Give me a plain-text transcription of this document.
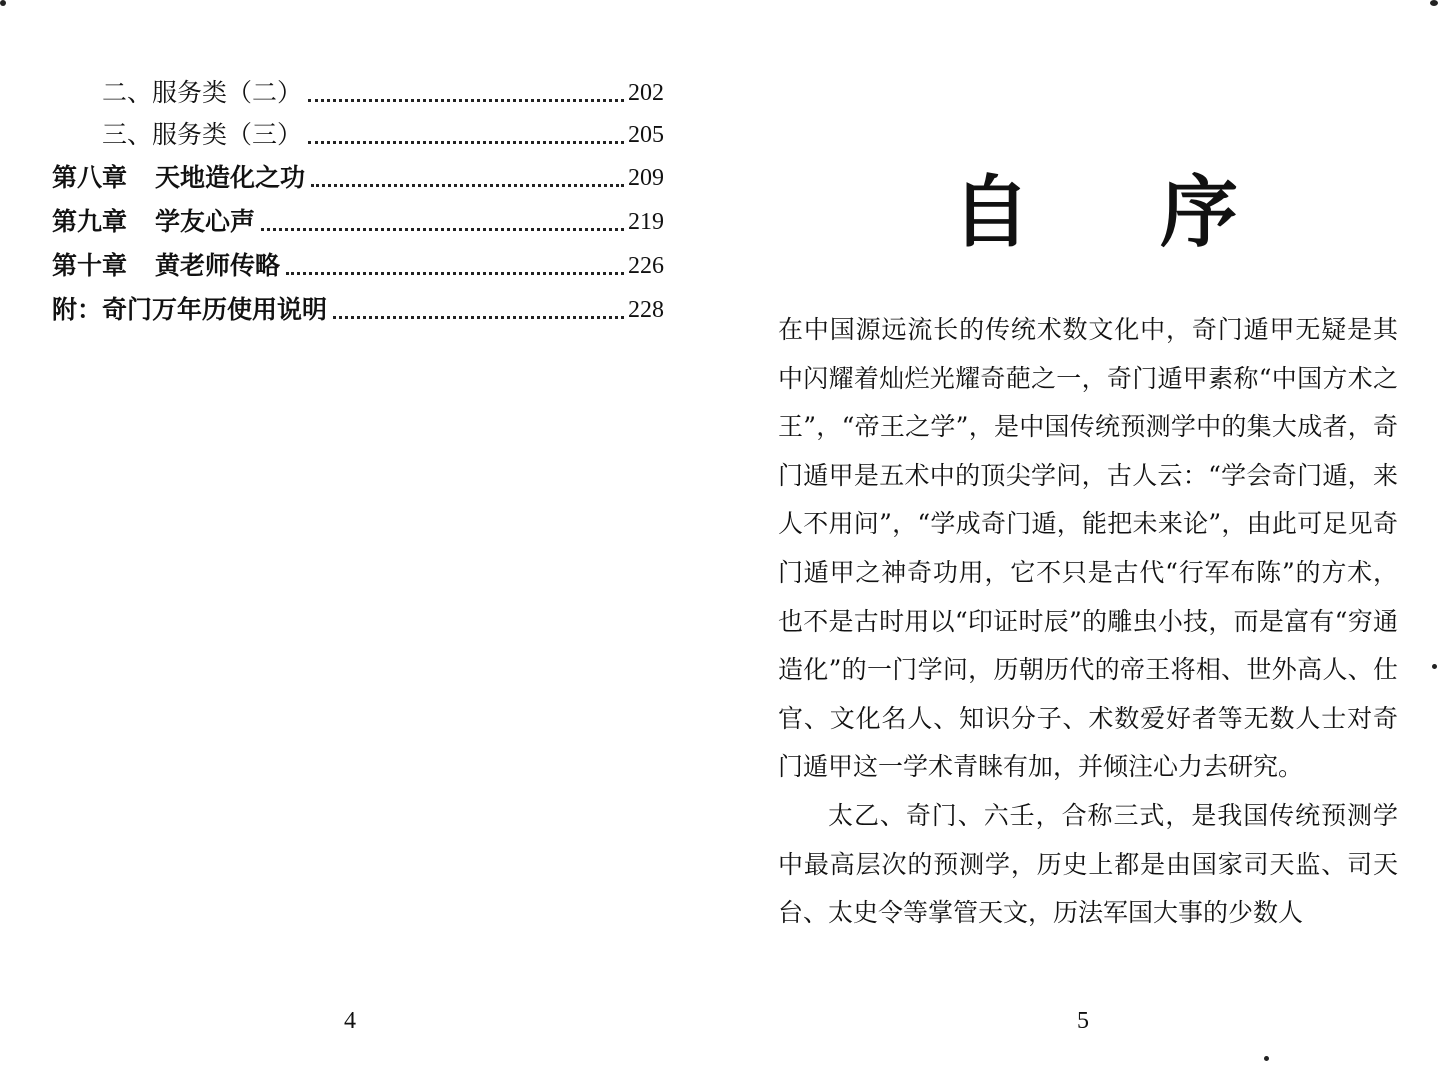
二、服务类（二）	202
三、服务类（三）	205
第八章 天地造化之功	209
第九章 学友心声	219
第十章 黄老师传略	226
附：奇门万年历使用说明	228
4
自 序

在中国源远流长的传统术数文化中，奇门遁甲无疑是其中闪耀着灿烂光耀奇葩之一，奇门遁甲素称“中国方术之王”，“帝王之学”，是中国传统预测学中的集大成者，奇门遁甲是五术中的顶尖学问，古人云：“学会奇门遁，来人不用问”，“学成奇门遁，能把未来论”，由此可足见奇门遁甲之神奇功用，它不只是古代“行军布陈”的方术，也不是古时用以“印证时辰”的雕虫小技，而是富有“穷通造化”的一门学问，历朝历代的帝王将相、世外高人、仕官、文化名人、知识分子、术数爱好者等无数人士对奇门遁甲这一学术青睐有加，并倾注心力去研究。

太乙、奇门、六壬，合称三式，是我国传统预测学中最高层次的预测学，历史上都是由国家司天监、司天台、太史令等掌管天文，历法军国大事的少数人

5
